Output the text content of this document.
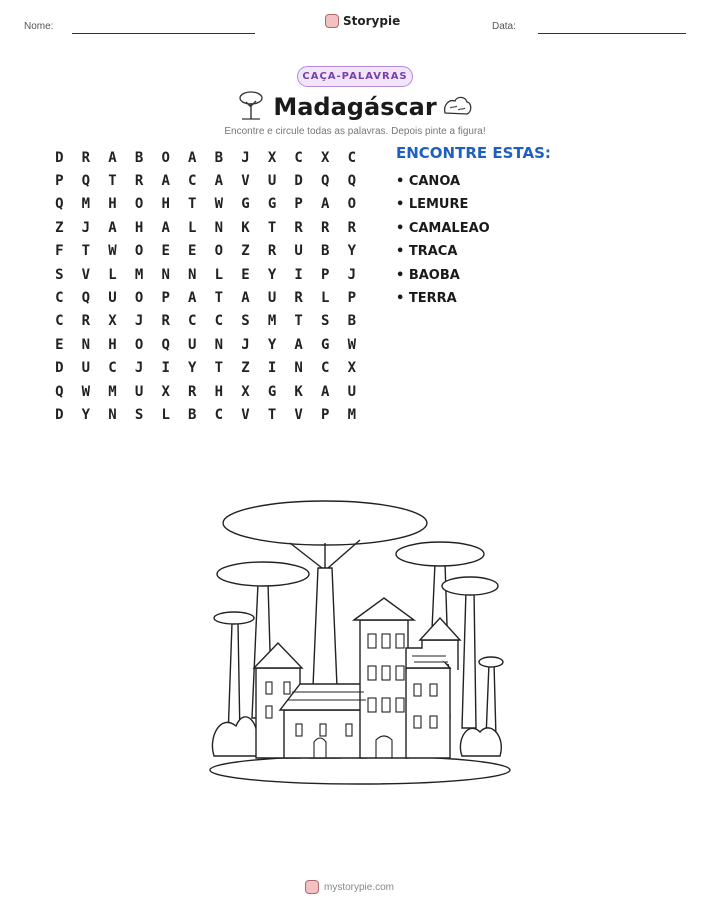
Nome:	Storypie	Data:
CAÇA-PALAVRAS
Madagáscar
Encontre e circule todas as palavras. Depois pinte a figura!
D	R	A	B	O	A	B	J	X	C	X	C
P	Q	T	R	A	C	A	V	U	D	Q	Q
Q	M	H	O	H	T	W	G	G	P	A	O
Z	J	A	H	A	L	N	K	T	R	R	R
F	T	W	O	E	E	O	Z	R	U	B	Y
S	V	L	M	N	N	L	E	Y	I	P	J
C	Q	U	O	P	A	T	A	U	R	L	P
C	R	X	J	R	C	C	S	M	T	S	B
E	N	H	O	Q	U	N	J	Y	A	G	W
D	U	C	J	I	Y	T	Z	I	N	C	X
Q	W	M	U	X	R	H	X	G	K	A	U
D	Y	N	S	L	B	C	V	T	V	P	M
ENCONTRE ESTAS:
• CANOA
• LEMURE
• CAMALEAO
• TRACA
• BAOBA
• TERRA
mystorypie.com
